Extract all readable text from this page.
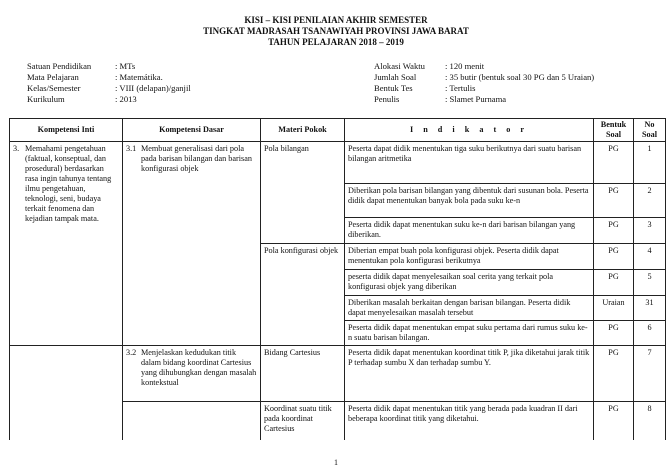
KISI – KISI PENILAIAN AKHIR SEMESTER
TINGKAT MADRASAH TSANAWIYAH PROVINSI JAWA BARAT
TAHUN PELAJARAN 2018 – 2019
Satuan Pendidikan	: MTs
Mata Pelajaran	: Matemátika.
Kelas/Semester	: VIII (delapan)/ganjil
Kurikulum	: 2013
Alokasi Waktu : 120 menit
Jumlah Soal	: 35 butir (bentuk soal 30 PG dan 5 Uraian)
Bentuk Tes	: Tertulis
Penulis	: Slamet Purnama
Kompetensi Inti	Kompetensi Dasar	Materi Pokok	I n d i k a t o r	Bentuk Soal	No Soal

3. Memahami pengetahuan (faktual, konseptual, dan prosedural) berdasarkan rasa ingin tahunya tentang ilmu pengetahuan, teknologi, seni, budaya terkait fenomena dan kejadian tampak mata.	3.1 Membuat generalisasi dari pola pada barisan bilangan dan barisan konfigurasi objek	Pola bilangan	Peserta dapat didik menentukan tiga suku berikutnya dari suatu barisan bilangan aritmetika	PG	1
			Diberikan pola barisan bilangan yang dibentuk dari susunan bola. Peserta didik dapat menentukan banyak bola pada suku ke-n	PG	2
			Peserta didik dapat menentukan suku ke-n dari barisan bilangan yang diberikan.	PG	3
		Pola konfigurasi objek	Diberian empat buah pola konfigurasi objek. Peserta didik dapat menentukan pola konfigurasi berikutnya	PG	4
			peserta didik dapat menyelesaikan soal cerita yang terkait pola konfigurasi objek yang diberikan	PG	5
			Diberikan masalah berkaitan dengan barisan bilangan. Peserta didik dapat menyelesaikan masalah tersebut	Uraian	31
			Peserta didik dapat menentukan empat suku pertama dari rumus suku ke-n suatu barisan bilangan.	PG	6

	3.2 Menjelaskan kedudukan titik dalam bidang koordinat Cartesius yang dihubungkan dengan masalah kontekstual	Bidang Cartesius	Peserta didik dapat menentukan koordinat titik P, jika diketahui jarak titik P terhadap sumbu X dan terhadap sumbu Y.	PG	7
		Koordinat suatu titik pada koordinat Cartesius	Peserta didik dapat menentukan titik yang berada pada kuadran II dari beberapa koordinat titik yang diketahui.	PG	8
1
